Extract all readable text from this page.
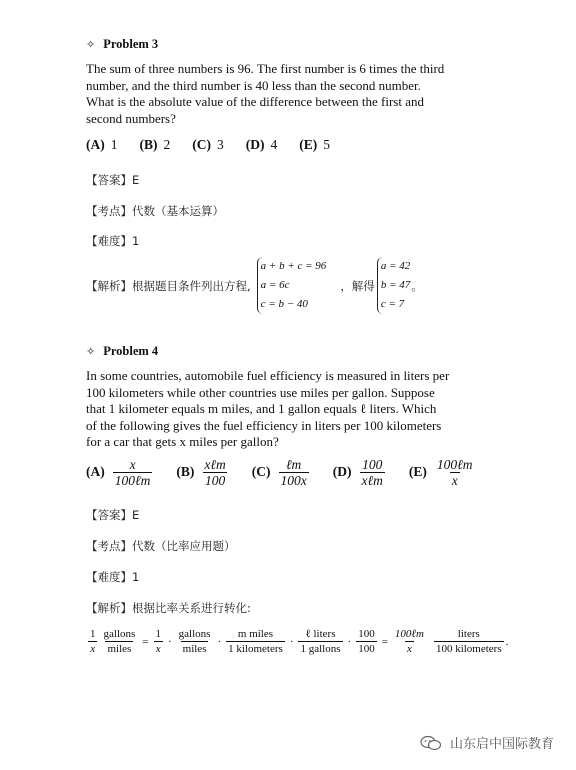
✧ Problem 3
The sum of three numbers is 96. The first number is 6 times the third
number, and the third number is 40 less than the second number.
What is the absolute value of the difference between the first and
second numbers?
(A) 1 (B) 2 (C) 3 (D) 4 (E) 5
【答案】E
【考点】代数（基本运算）
【难度】1
【解析】根据题目条件列出方程,
a + b + c = 96
a = 6c
c = b − 40
，解得
a = 42
b = 47
c = 7
。
✧ Problem 4
In some countries, automobile fuel efficiency is measured in liters per
100 kilometers while other countries use miles per gallon. Suppose
that 1 kilometer equals m miles, and 1 gallon equals ℓ liters. Which
of the following gives the fuel efficiency in liters per 100 kilometers
for a car that gets x miles per gallon?
$(A) \frac{x}{\text{100ℓm}} (B) \frac{\text{xℓm}}{100} (C) \frac{\text{ℓm}}{100x} (D) \frac{100}{\text{xℓm}} (E) \frac{\text{100ℓm}}{x}$
【答案】E
【考点】代数（比率应用题）
【难度】1
【解析】根据比率关系进行转化:
$\frac{1}{x} \frac{\text{gallons}}{\text{miles}} = \frac{1}{x} \cdot \frac{\text{gallons}}{\text{miles}} \cdot \frac{\text{m miles}}{\text{1 kilometers}} \cdot \frac{\text{ℓ liters}}{\text{1 gallons}} \cdot \frac{100}{100} = \frac{\text{100ℓm}}{x} \frac{\text{liters}}{\text{100 kilometers}}$ .
山东启中国际教育
